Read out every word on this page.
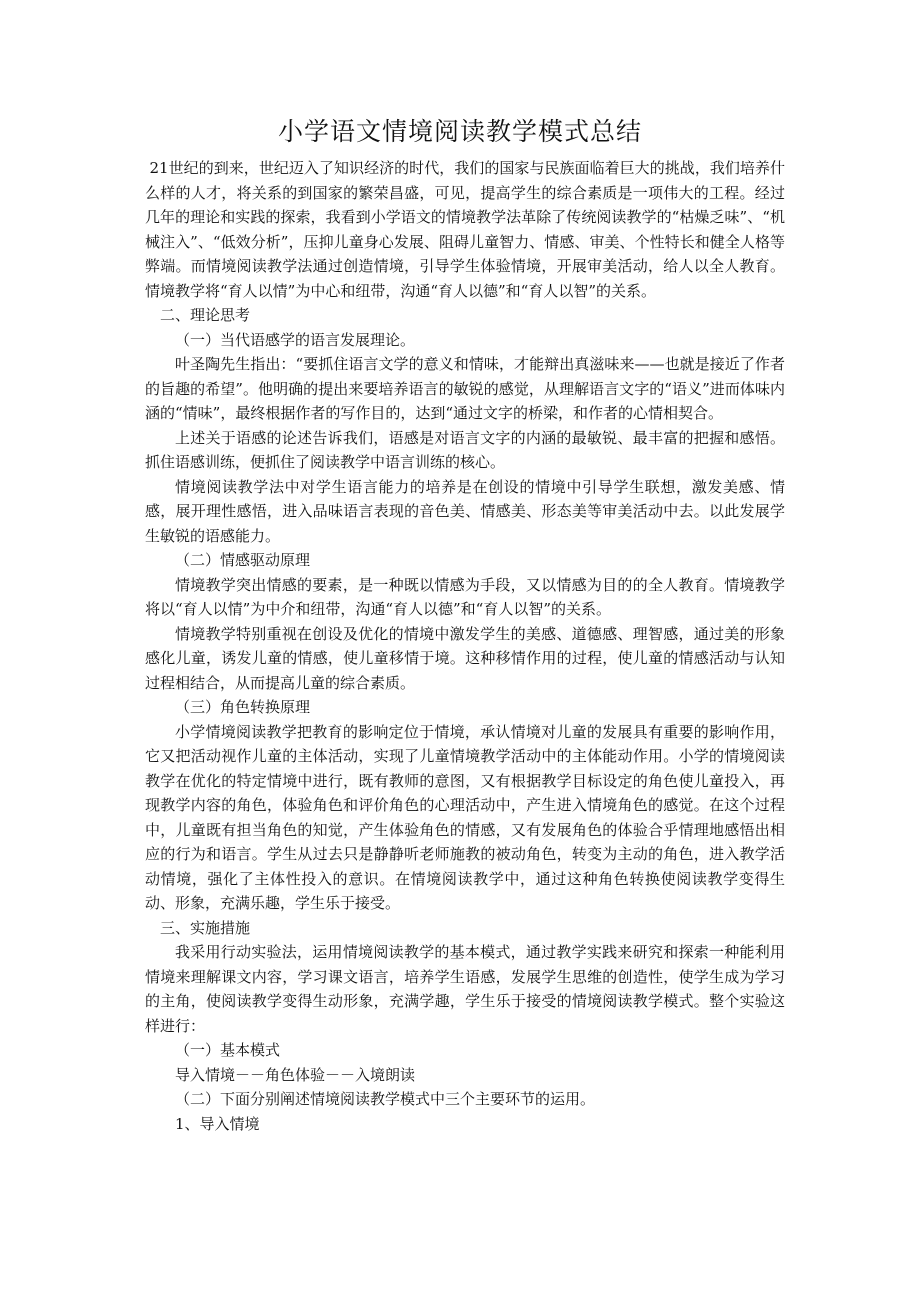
小学语文情境阅读教学模式总结

21世纪的到来，世纪迈入了知识经济的时代，我们的国家与民族面临着巨大的挑战，我们培养什么样的人才，将关系的到国家的繁荣昌盛，可见，提高学生的综合素质是一项伟大的工程。经过几年的理论和实践的探索，我看到小学语文的情境教学法革除了传统阅读教学的“枯燥乏味”、“机械注入”、“低效分析”，压抑儿童身心发展、阻碍儿童智力、情感、审美、个性特长和健全人格等弊端。而情境阅读教学法通过创造情境，引导学生体验情境，开展审美活动，给人以全人教育。情境教学将“育人以情”为中心和纽带，沟通“育人以德”和“育人以智”的关系。

　二、理论思考

（一）当代语感学的语言发展理论。

叶圣陶先生指出：“要抓住语言文学的意义和情味，才能辩出真滋味来——也就是接近了作者的旨趣的希望”。他明确的提出来要培养语言的敏锐的感觉，从理解语言文字的“语义”进而体味内涵的“情味”，最终根据作者的写作目的，达到“通过文字的桥梁，和作者的心情相契合。

上述关于语感的论述告诉我们，语感是对语言文字的内涵的最敏锐、最丰富的把握和感悟。抓住语感训练，便抓住了阅读教学中语言训练的核心。

情境阅读教学法中对学生语言能力的培养是在创设的情境中引导学生联想，激发美感、情感，展开理性感悟，进入品味语言表现的音色美、情感美、形态美等审美活动中去。以此发展学生敏锐的语感能力。

（二）情感驱动原理

情境教学突出情感的要素，是一种既以情感为手段，又以情感为目的的全人教育。情境教学将以“育人以情”为中介和纽带，沟通“育人以德”和“育人以智”的关系。

情境教学特别重视在创设及优化的情境中激发学生的美感、道德感、理智感，通过美的形象感化儿童，诱发儿童的情感，使儿童移情于境。这种移情作用的过程，使儿童的情感活动与认知过程相结合，从而提高儿童的综合素质。

（三）角色转换原理

小学情境阅读教学把教育的影响定位于情境，承认情境对儿童的发展具有重要的影响作用，它又把活动视作儿童的主体活动，实现了儿童情境教学活动中的主体能动作用。小学的情境阅读教学在优化的特定情境中进行，既有教师的意图，又有根据教学目标设定的角色使儿童投入，再现教学内容的角色，体验角色和评价角色的心理活动中，产生进入情境角色的感觉。在这个过程中，儿童既有担当角色的知觉，产生体验角色的情感，又有发展角色的体验合乎情理地感悟出相应的行为和语言。学生从过去只是静静听老师施教的被动角色，转变为主动的角色，进入教学活动情境，强化了主体性投入的意识。在情境阅读教学中，通过这种角色转换使阅读教学变得生动、形象，充满乐趣，学生乐于接受。

　三、实施措施

我采用行动实验法，运用情境阅读教学的基本模式，通过教学实践来研究和探索一种能利用情境来理解课文内容，学习课文语言，培养学生语感，发展学生思维的创造性，使学生成为学习的主角，使阅读教学变得生动形象，充满学趣，学生乐于接受的情境阅读教学模式。整个实验这样进行：

（一）基本模式

导入情境－－角色体验－－入境朗读

（二）下面分别阐述情境阅读教学模式中三个主要环节的运用。

1、导入情境
